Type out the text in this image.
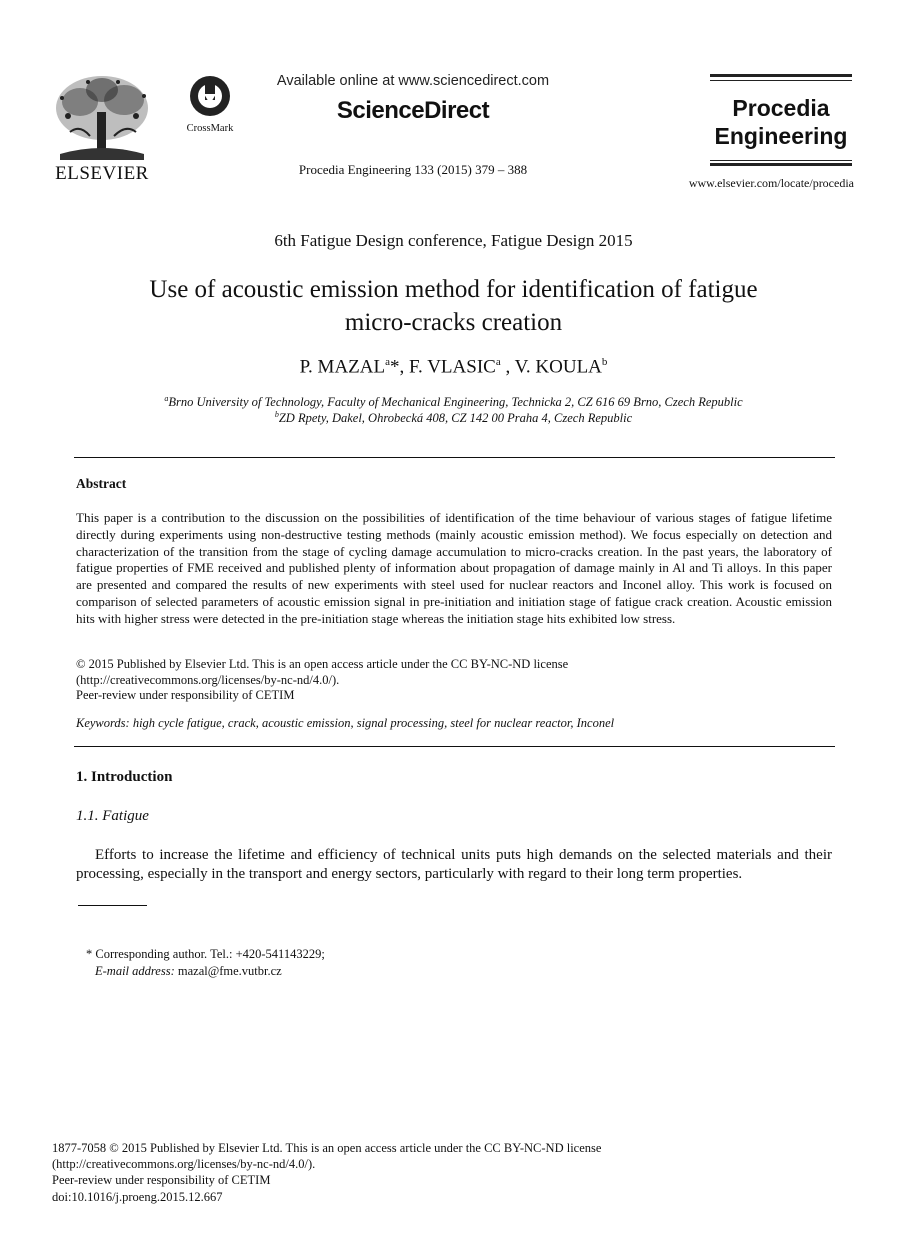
ELSEVIER
CrossMark
Available online at www.sciencedirect.com
ScienceDirect
Procedia Engineering 133 (2015) 379 – 388
Procedia
Engineering
www.elsevier.com/locate/procedia
6th Fatigue Design conference, Fatigue Design 2015
Use of acoustic emission method for identification of fatigue
micro-cracks creation
P. MAZAL$^a$*, F. VLASIC$^a$ , V. KOULA$^b$
$^a$Brno University of Technology, Faculty of Mechanical Engineering, Technicka 2, CZ 616 69 Brno, Czech Republic
$^b$ZD Rpety, Dakel, Ohrobecká 408, CZ 142 00 Praha 4, Czech Republic
Abstract
This paper is a contribution to the discussion on the possibilities of identification of the time behaviour of various stages of fatigue lifetime directly during experiments using non-destructive testing methods (mainly acoustic emission method). We focus especially on detection and characterization of the transition from the stage of cycling damage accumulation to micro-cracks creation. In the past years, the laboratory of fatigue properties of FME received and published plenty of information about propagation of damage mainly in Al and Ti alloys. In this paper are presented and compared the results of new experiments with steel used for nuclear reactors and Inconel alloy. This work is focused on comparison of selected parameters of acoustic emission signal in pre-initiation and initiation stage of fatigue crack creation. Acoustic emission hits with higher stress were detected in the pre-initiation stage whereas the initiation stage hits exhibited low stress.
© 2015 Published by Elsevier Ltd. This is an open access article under the CC BY-NC-ND license
(http://creativecommons.org/licenses/by-nc-nd/4.0/).
Peer-review under responsibility of CETIM
Keywords: high cycle fatigue, crack, acoustic emission, signal processing, steel for nuclear reactor, Inconel
1. Introduction
1.1. Fatigue
Efforts to increase the lifetime and efficiency of technical units puts high demands on the selected materials and their processing, especially in the transport and energy sectors, particularly with regard to their long term properties.
* Corresponding author. Tel.: +420-541143229;
E-mail address: mazal@fme.vutbr.cz
1877-7058 © 2015 Published by Elsevier Ltd. This is an open access article under the CC BY-NC-ND license
(http://creativecommons.org/licenses/by-nc-nd/4.0/).
Peer-review under responsibility of CETIM
doi:10.1016/j.proeng.2015.12.667
